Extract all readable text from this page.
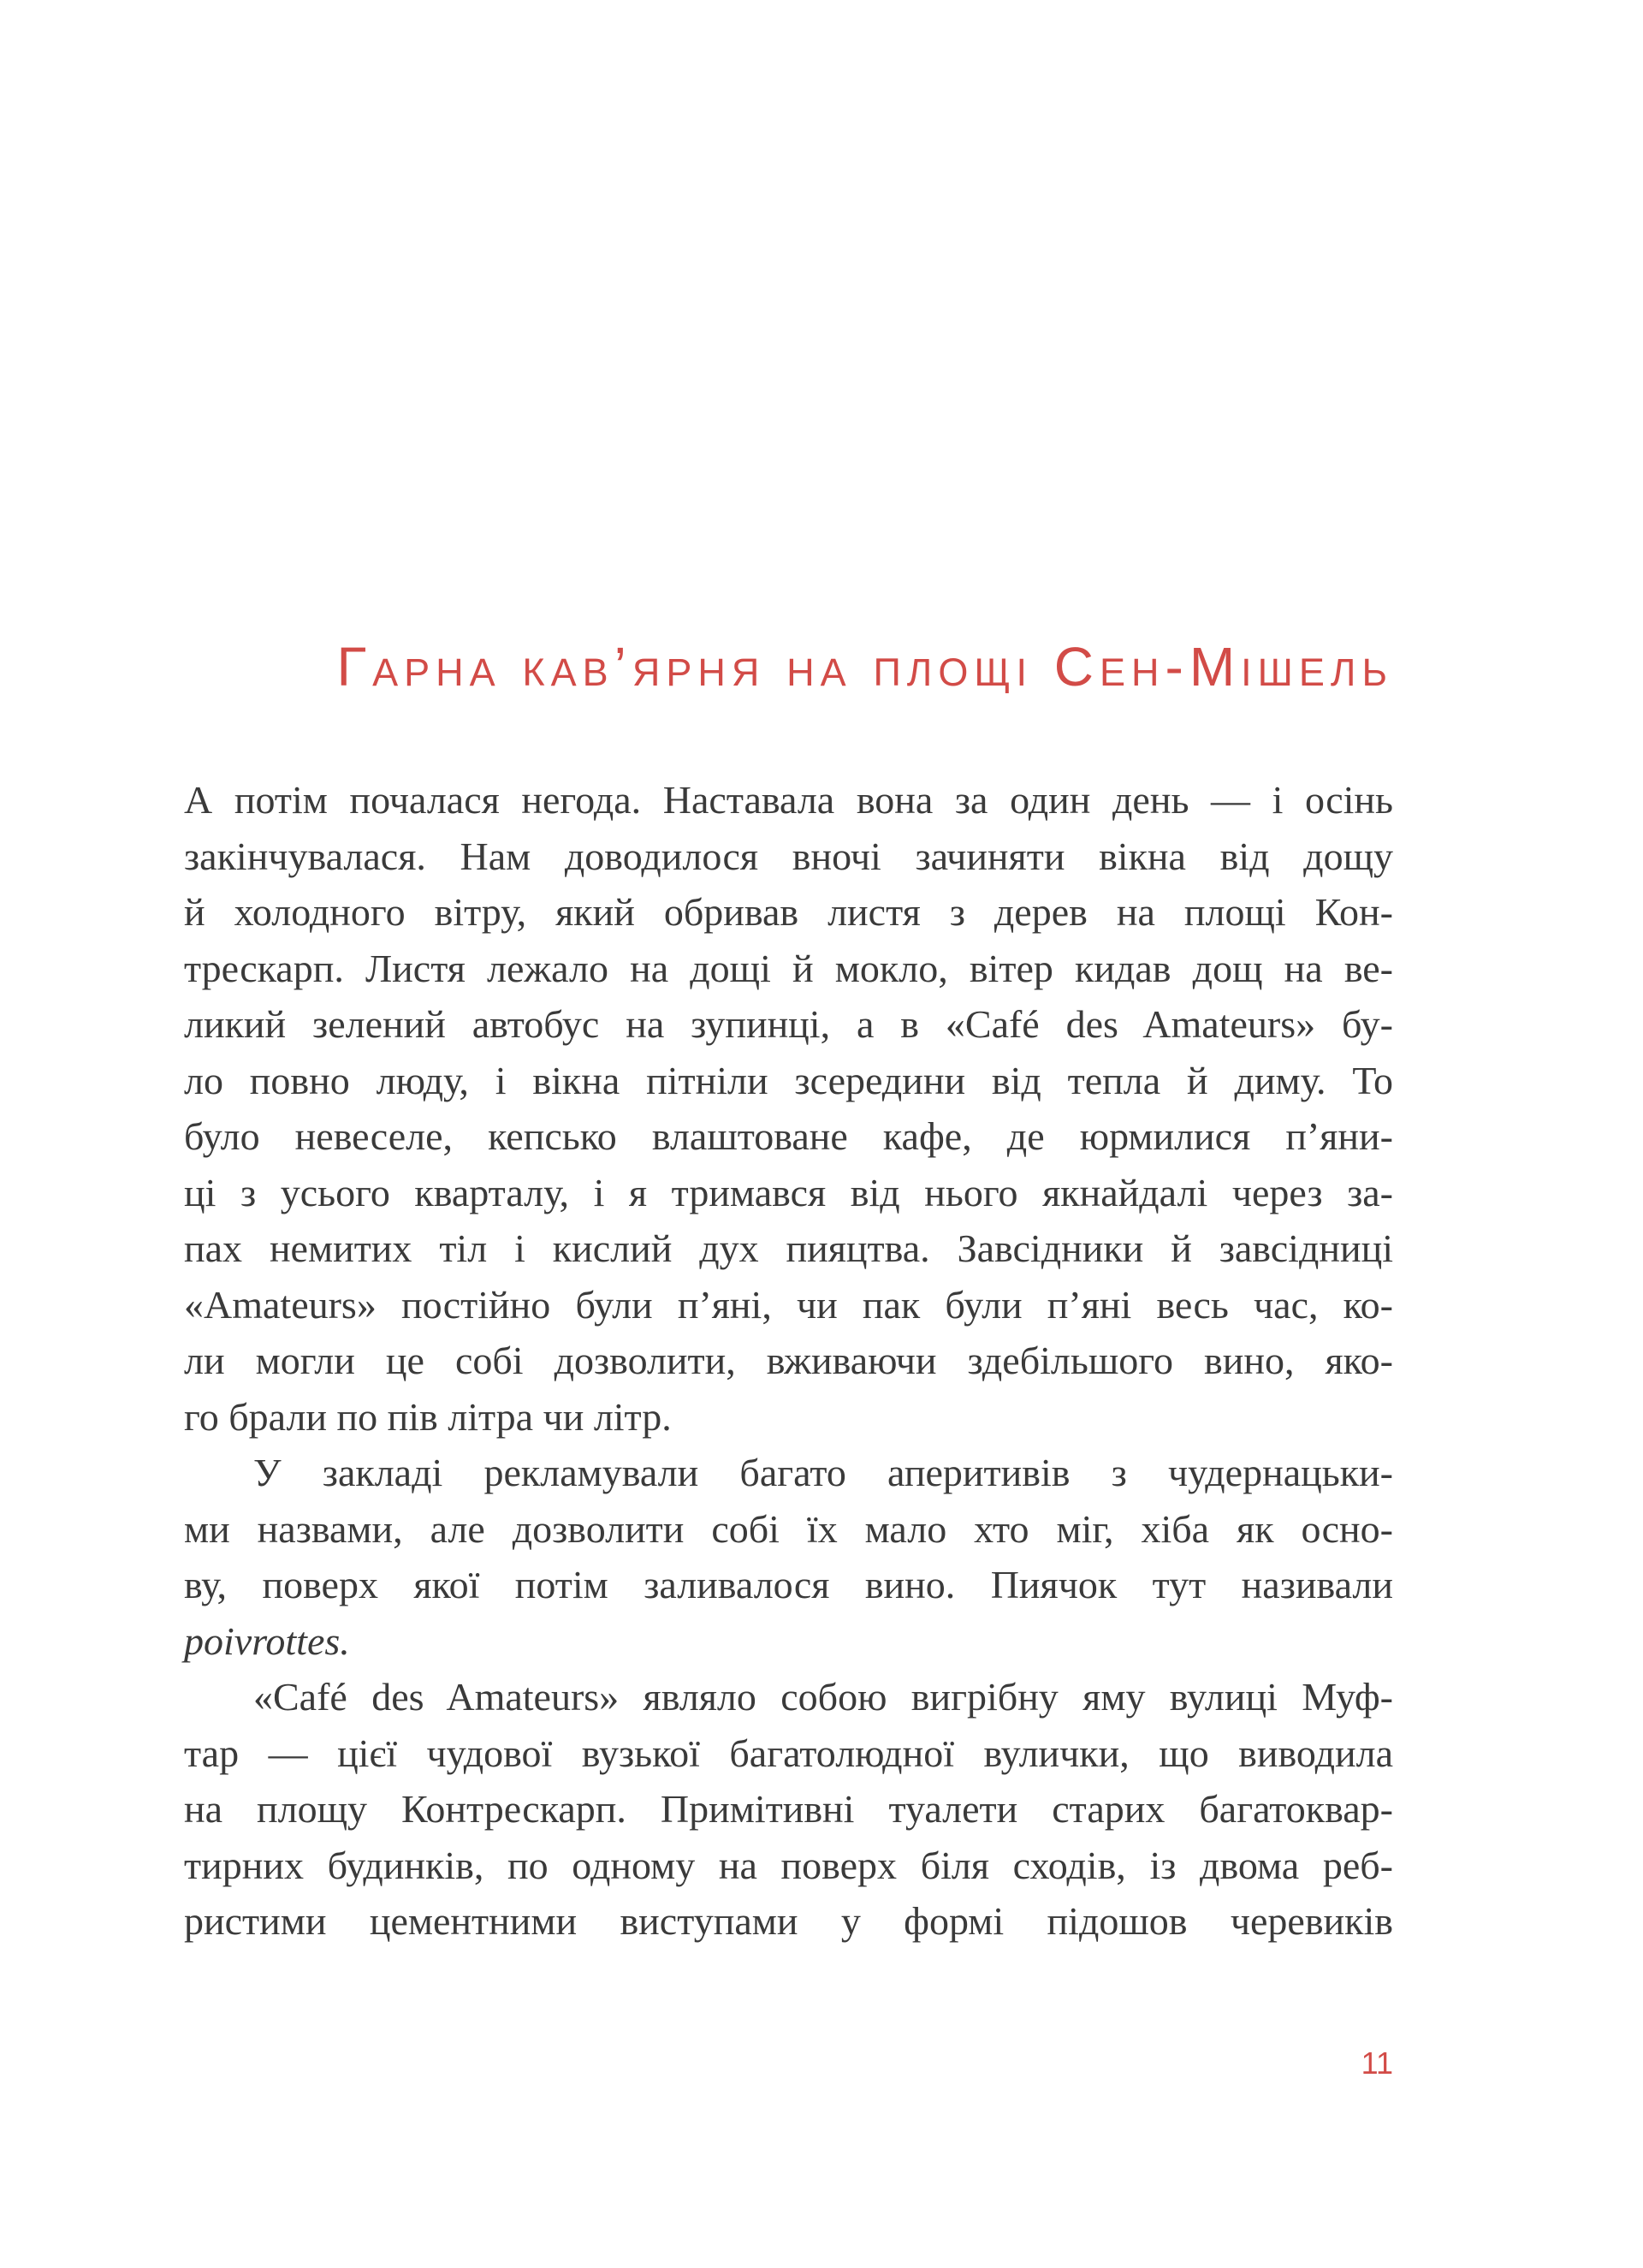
Гарна кав’ярня на площі Сен-Мішель
А потім почалася негода. Наставала вона за один день — і осінь
закінчувалася. Нам доводилося вночі зачиняти вікна від дощу
й холодного вітру, який обривав листя з дерев на площі Кон-
трескарп. Листя лежало на дощі й мокло, вітер кидав дощ на ве-
ликий зелений автобус на зупинці, а в «Café des Amateurs» бу-
ло повно люду, і вікна пітніли зсередини від тепла й диму. То
було невеселе, кепсько влаштоване кафе, де юрмилися п’яни-
ці з усього кварталу, і я тримався від нього якнайдалі через за-
пах немитих тіл і кислий дух пияцтва. Завсідники й завсідниці
«Amateurs» постійно були п’яні, чи пак були п’яні весь час, ко-
ли могли це собі дозволити, вживаючи здебільшого вино, яко-
го брали по пів літра чи літр.
У закладі рекламували багато аперитивів з чудернацьки-
ми назвами, але дозволити собі їх мало хто міг, хіба як осно-
ву, поверх якої потім заливалося вино. Пиячок тут називали
poivrottes.
«Café des Amateurs» являло собою вигрібну яму вулиці Муф-
тар — цієї чудової вузької багатолюдної вулички, що виводила
на площу Контрескарп. Примітивні туалети старих багатоквар-
тирних будинків, по одному на поверх біля сходів, із двома реб-
ристими цементними виступами у формі підошов черевиків
11
